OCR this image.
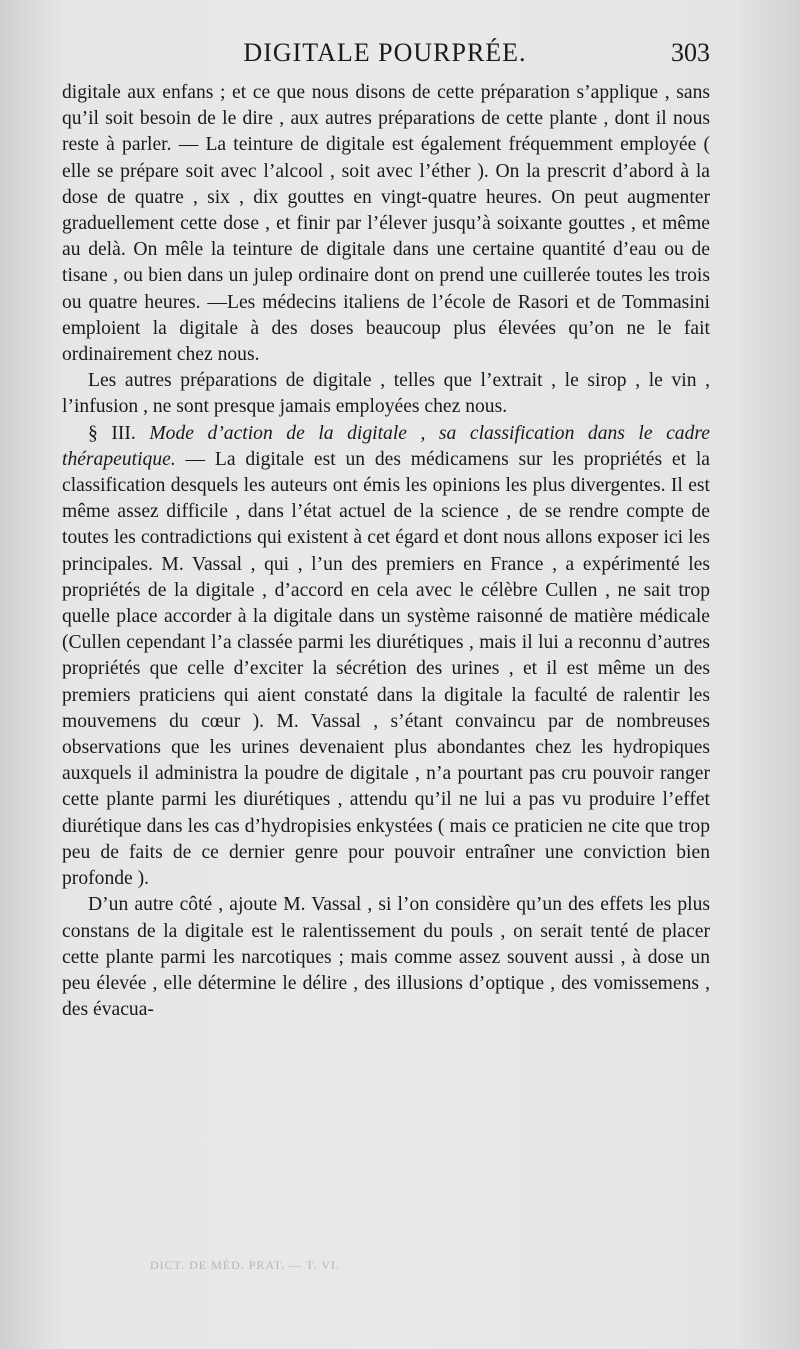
DIGITALE POURPRÉE.	303

digitale aux enfans ; et ce que nous disons de cette préparation s’applique , sans qu’il soit besoin de le dire , aux autres préparations de cette plante , dont il nous reste à parler. — La teinture de digitale est également fréquemment employée ( elle se prépare soit avec l’alcool , soit avec l’éther ). On la prescrit d’abord à la dose de quatre , six , dix gouttes en vingt-quatre heures. On peut augmenter graduellement cette dose , et finir par l’élever jusqu’à soixante gouttes , et même au delà. On mêle la teinture de digitale dans une certaine quantité d’eau ou de tisane , ou bien dans un julep ordinaire dont on prend une cuillerée toutes les trois ou quatre heures. —Les médecins italiens de l’école de Rasori et de Tommasini emploient la digitale à des doses beaucoup plus élevées qu’on ne le fait ordinairement chez nous.

Les autres préparations de digitale , telles que l’extrait , le sirop , le vin , l’infusion , ne sont presque jamais employées chez nous.

§ III. Mode d’action de la digitale , sa classification dans le cadre thérapeutique. — La digitale est un des médicamens sur les propriétés et la classification desquels les auteurs ont émis les opinions les plus divergentes. Il est même assez difficile , dans l’état actuel de la science , de se rendre compte de toutes les contradictions qui existent à cet égard et dont nous allons exposer ici les principales. M. Vassal , qui , l’un des premiers en France , a expérimenté les propriétés de la digitale , d’accord en cela avec le célèbre Cullen , ne sait trop quelle place accorder à la digitale dans un système raisonné de matière médicale (Cullen cependant l’a classée parmi les diurétiques , mais il lui a reconnu d’autres propriétés que celle d’exciter la sécrétion des urines , et il est même un des premiers praticiens qui aient constaté dans la digitale la faculté de ralentir les mouvemens du cœur ). M. Vassal , s’étant convaincu par de nombreuses observations que les urines devenaient plus abondantes chez les hydropiques auxquels il administra la poudre de digitale , n’a pourtant pas cru pouvoir ranger cette plante parmi les diurétiques , attendu qu’il ne lui a pas vu produire l’effet diurétique dans les cas d’hydropisies enkystées ( mais ce praticien ne cite que trop peu de faits de ce dernier genre pour pouvoir entraîner une conviction bien profonde ).

D’un autre côté , ajoute M. Vassal , si l’on considère qu’un des effets les plus constans de la digitale est le ralentissement du pouls , on serait tenté de placer cette plante parmi les narcotiques ; mais comme assez souvent aussi , à dose un peu élevée , elle détermine le délire , des illusions d’optique , des vomissemens , des évacua-

DICT. DE MÉD. PRAT. — T. VI.
